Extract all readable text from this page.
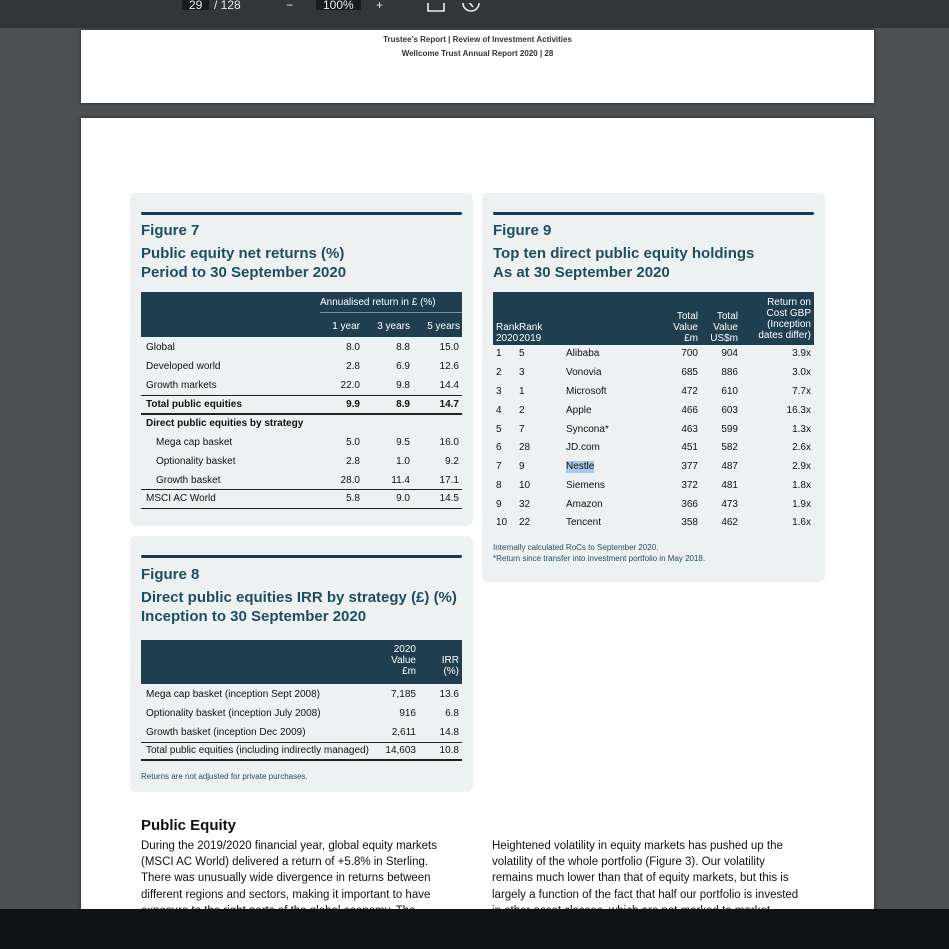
29 / 128	−	100%	+
Trustee’s Report | Review of Investment Activities
Wellcome Trust Annual Report 2020 | 28
Figure 7
Public equity net returns (%)
Period to 30 September 2020
Annualised return in £ (%)
1 year	3 years	5 years
Global	8.0	8.8	15.0
Developed world	2.8	6.9	12.6
Growth markets	22.0	9.8	14.4
Total public equities	9.9	8.9	14.7
Direct public equities by strategy
Mega cap basket	5.0	9.5	16.0
Optionality basket	2.8	1.0	9.2
Growth basket	28.0	11.4	17.1
MSCI AC World	5.8	9.0	14.5
Figure 8
Direct public equities IRR by strategy (£) (%)
Inception to 30 September 2020
2020
Value
£m
IRR
(%)
Mega cap basket (inception Sept 2008)	7,185	13.6
Optionality basket (inception July 2008)	916	6.8
Growth basket (inception Dec 2009)	2,611	14.8
Total public equities (including indirectly managed)	14,603	10.8
Returns are not adjusted for private purchases.
Figure 9
Top ten direct public equity holdings
As at 30 September 2020
Rank
2020
Rank
2019
Total
Value
£m
Total
Value
US$m
Return on
Cost GBP
(Inception
dates differ)
1 5	Alibaba	700	904	3.9x
2 3	Vonovia	685	886	3.0x
3 1	Microsoft	472	610	7.7x
4 2	Apple	466	603	16.3x
5 7	Syncona*	463	599	1.3x
6 28	JD.com	451	582	2.6x
7 9	Nestle	377	487	2.9x
8 10	Siemens	372	481	1.8x
9 32	Amazon	366	473	1.9x
10 22	Tencent	358	462	1.6x
Internally calculated RoCs to September 2020.
*Return since transfer into investment portfolio in May 2018.
Public Equity
During the 2019/2020 financial year, global equity markets
(MSCI AC World) delivered a return of +5.8% in Sterling.
There was unusually wide divergence in returns between
different regions and sectors, making it important to have
Heightened volatility in equity markets has pushed up the
volatility of the whole portfolio (Figure 3). Our volatility
remains much lower than that of equity markets, but this is
largely a function of the fact that half our portfolio is invested
